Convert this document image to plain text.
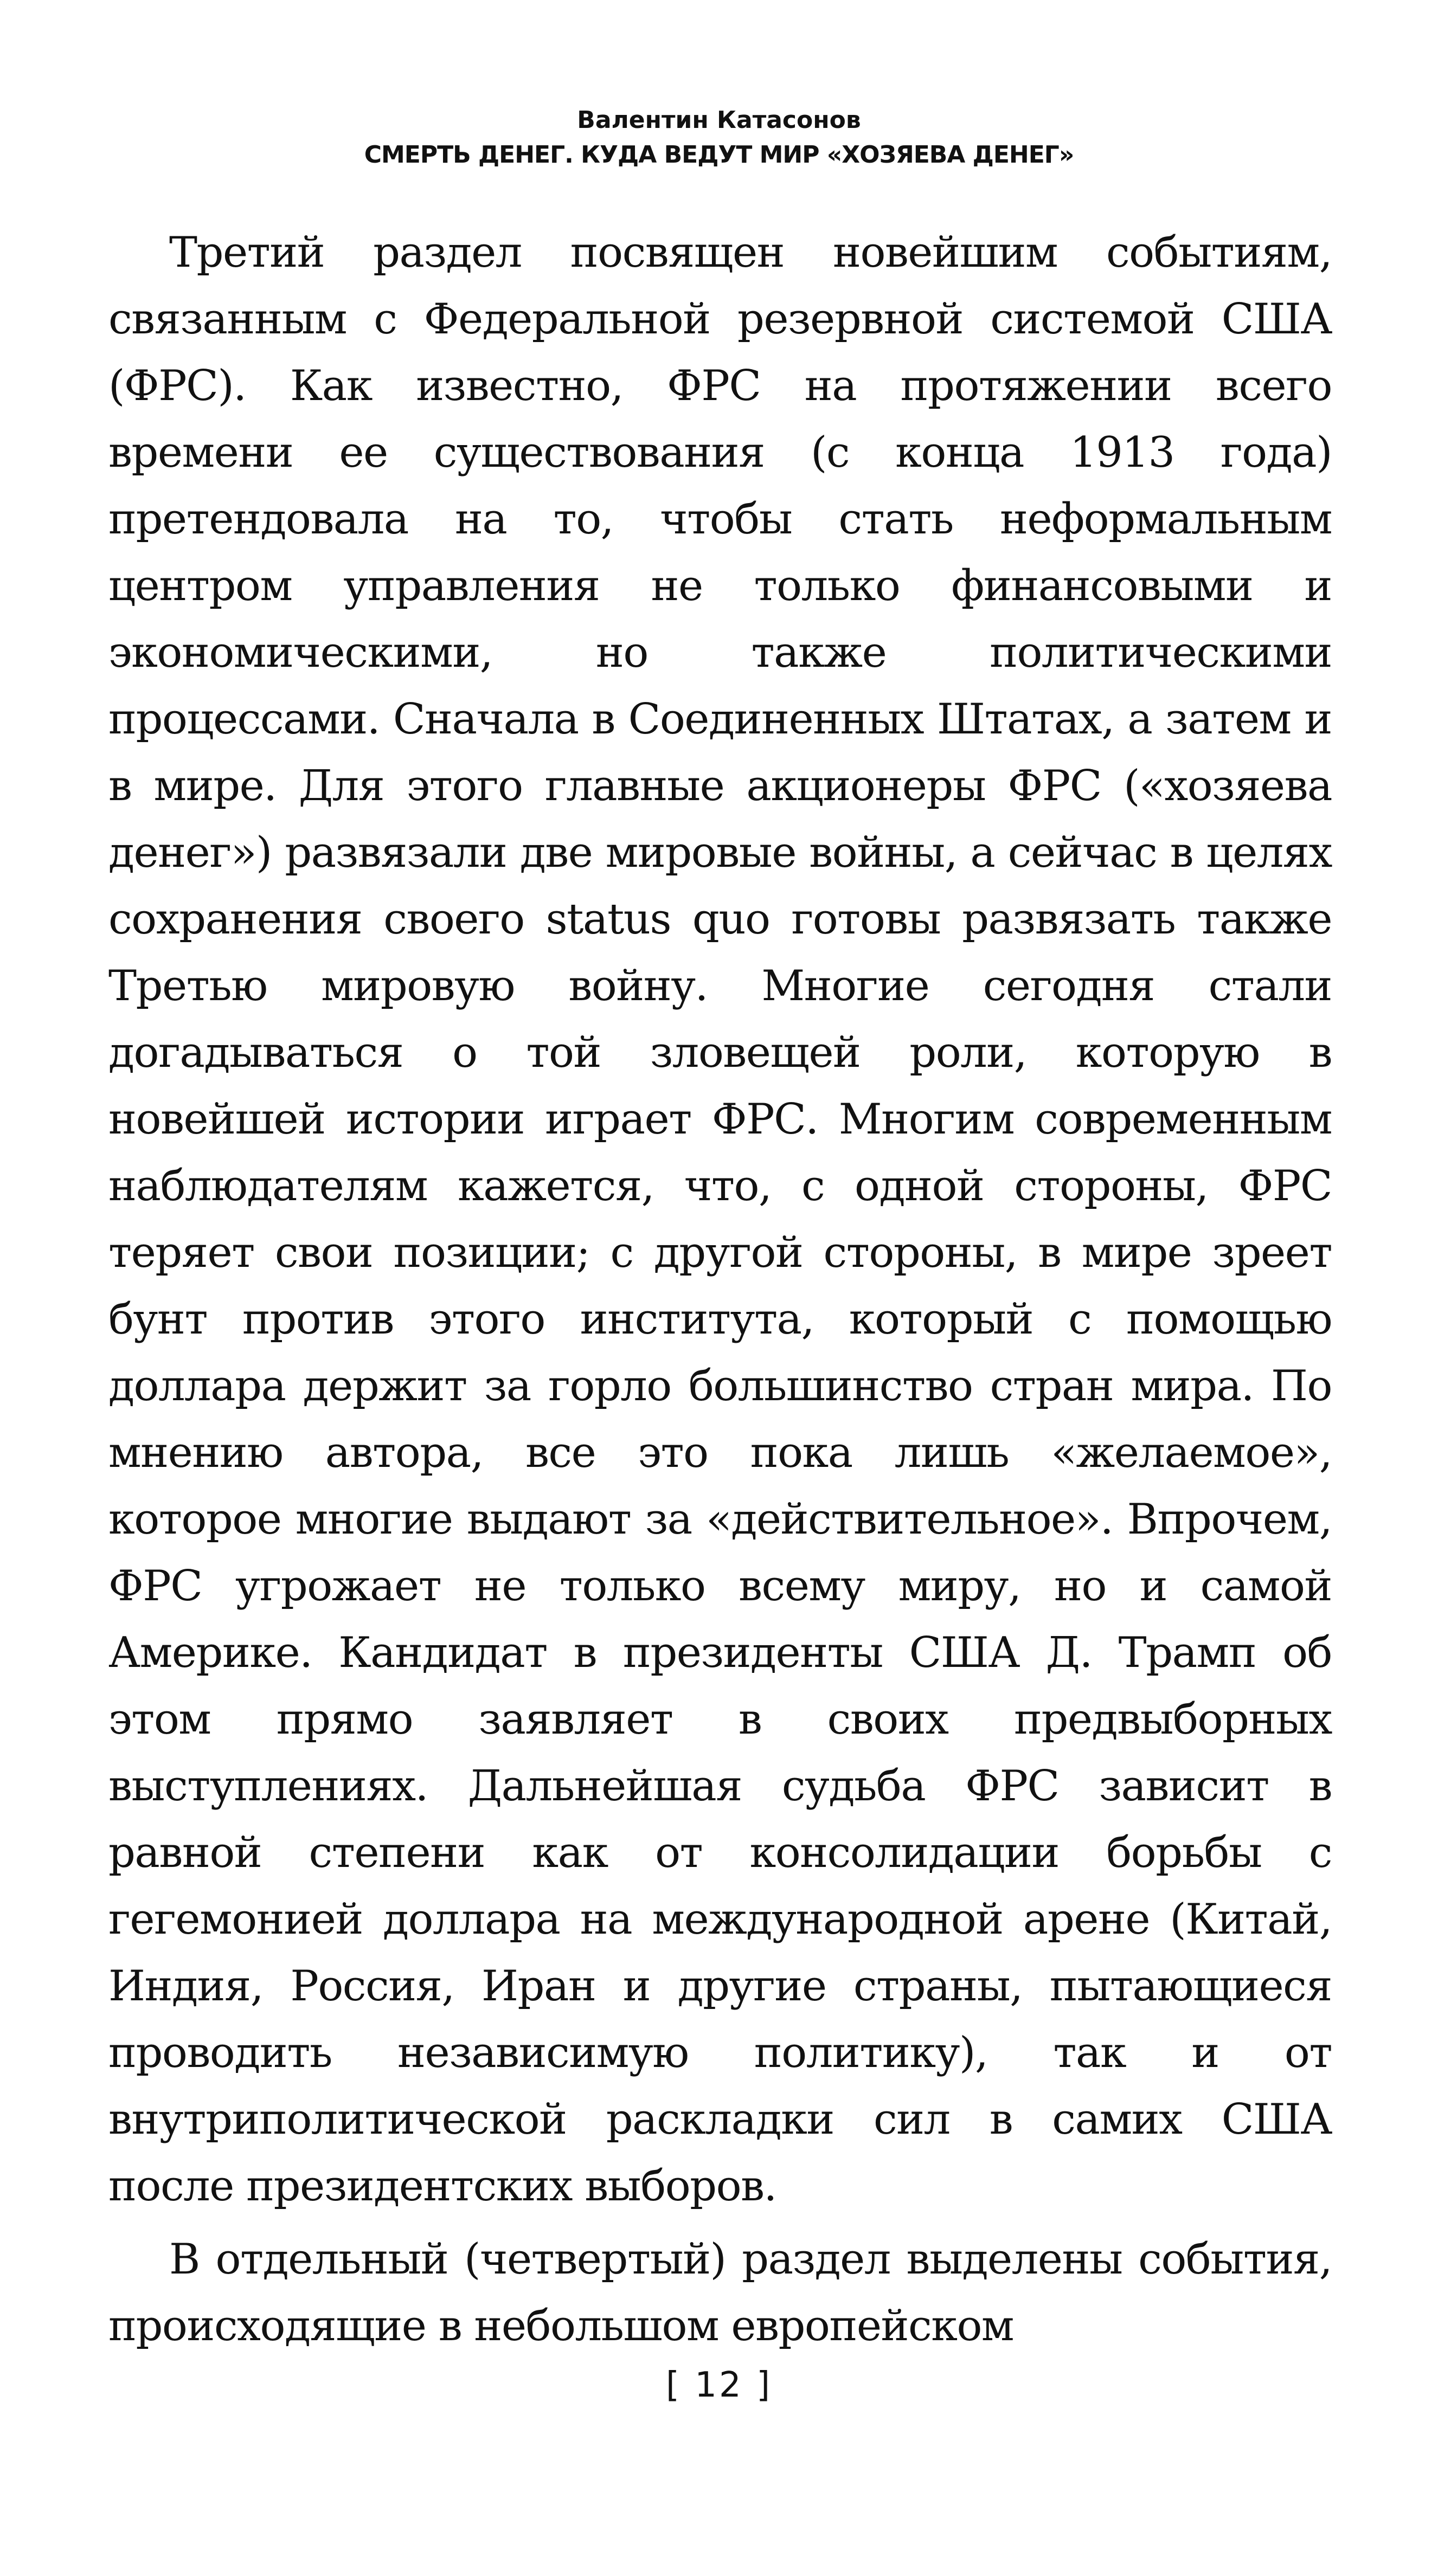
Валентин Катасонов
СМЕРТЬ ДЕНЕГ. КУДА ВЕДУТ МИР «ХОЗЯЕВА ДЕНЕГ»

Третий раздел посвящен новейшим событиям, связанным с Федеральной резервной системой США (ФРС). Как известно, ФРС на протяжении всего времени ее существования (с конца 1913 года) претендовала на то, чтобы стать неформальным центром управления не только финансовыми и экономическими, но также политическими процессами. Сначала в Соединенных Штатах, а затем и в мире. Для этого главные акционеры ФРС («хозяева денег») развязали две мировые войны, а сейчас в целях сохранения своего status quo готовы развязать также Третью мировую войну. Многие сегодня стали догадываться о той зловещей роли, которую в новейшей истории играет ФРС. Многим современным наблюдателям кажется, что, с одной стороны, ФРС теряет свои позиции; с другой стороны, в мире зреет бунт против этого института, который с помощью доллара держит за горло большинство стран мира. По мнению автора, все это пока лишь «желаемое», которое многие выдают за «действительное». Впрочем, ФРС угрожает не только всему миру, но и самой Америке. Кандидат в президенты США Д. Трамп об этом прямо заявляет в своих предвыборных выступлениях. Дальнейшая судьба ФРС зависит в равной степени как от консолидации борьбы с гегемонией доллара на международной арене (Китай, Индия, Россия, Иран и другие страны, пытающиеся проводить независимую политику), так и от внутриполитической раскладки сил в самих США после президентских выборов.

В отдельный (четвертый) раздел выделены события, происходящие в небольшом европейском

[ 12 ]
